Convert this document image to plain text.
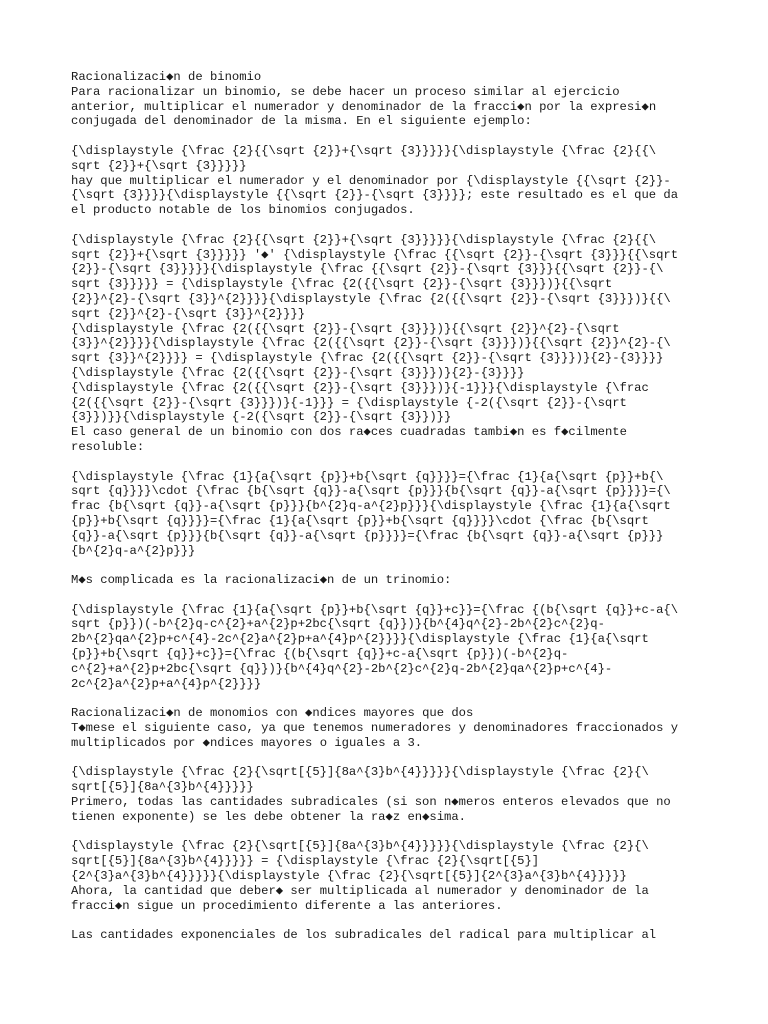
Racionalizaci◆n de binomio

Para racionalizar un binomio, se debe hacer un proceso similar al ejercicio

anterior, multiplicar el numerador y denominador de la fracci◆n por la expresi◆n

conjugada del denominador de la misma. En el siguiente ejemplo:

{\displaystyle {\frac {2}{{\sqrt {2}}+{\sqrt {3}}}}}{\displaystyle {\frac {2}{{\

sqrt {2}}+{\sqrt {3}}}}}

hay que multiplicar el numerador y el denominador por {\displaystyle {{\sqrt {2}}-

{\sqrt {3}}}}{\displaystyle {{\sqrt {2}}-{\sqrt {3}}}}; este resultado es el que da

el producto notable de los binomios conjugados.

{\displaystyle {\frac {2}{{\sqrt {2}}+{\sqrt {3}}}}}{\displaystyle {\frac {2}{{\

sqrt {2}}+{\sqrt {3}}}}} '◆' {\displaystyle {\frac {{\sqrt {2}}-{\sqrt {3}}}{{\sqrt

{2}}-{\sqrt {3}}}}}{\displaystyle {\frac {{\sqrt {2}}-{\sqrt {3}}}{{\sqrt {2}}-{\

sqrt {3}}}}} = {\displaystyle {\frac {2({{\sqrt {2}}-{\sqrt {3}}})}{{\sqrt

{2}}^{2}-{\sqrt {3}}^{2}}}}{\displaystyle {\frac {2({{\sqrt {2}}-{\sqrt {3}}})}{{\

sqrt {2}}^{2}-{\sqrt {3}}^{2}}}}

{\displaystyle {\frac {2({{\sqrt {2}}-{\sqrt {3}}})}{{\sqrt {2}}^{2}-{\sqrt

{3}}^{2}}}}{\displaystyle {\frac {2({{\sqrt {2}}-{\sqrt {3}}})}{{\sqrt {2}}^{2}-{\

sqrt {3}}^{2}}}} = {\displaystyle {\frac {2({{\sqrt {2}}-{\sqrt {3}}})}{2}-{3}}}}

{\displaystyle {\frac {2({{\sqrt {2}}-{\sqrt {3}}})}{2}-{3}}}}

{\displaystyle {\frac {2({{\sqrt {2}}-{\sqrt {3}}})}{-1}}}{\displaystyle {\frac

{2({{\sqrt {2}}-{\sqrt {3}}})}{-1}}} = {\displaystyle {-2({\sqrt {2}}-{\sqrt

{3}})}}{\displaystyle {-2({\sqrt {2}}-{\sqrt {3}})}}

El caso general de un binomio con dos ra◆ces cuadradas tambi◆n es f◆cilmente

resoluble:

{\displaystyle {\frac {1}{a{\sqrt {p}}+b{\sqrt {q}}}}={\frac {1}{a{\sqrt {p}}+b{\

sqrt {q}}}}\cdot {\frac {b{\sqrt {q}}-a{\sqrt {p}}}{b{\sqrt {q}}-a{\sqrt {p}}}}={\

frac {b{\sqrt {q}}-a{\sqrt {p}}}{b^{2}q-a^{2}p}}}{\displaystyle {\frac {1}{a{\sqrt

{p}}+b{\sqrt {q}}}}={\frac {1}{a{\sqrt {p}}+b{\sqrt {q}}}}\cdot {\frac {b{\sqrt

{q}}-a{\sqrt {p}}}{b{\sqrt {q}}-a{\sqrt {p}}}}={\frac {b{\sqrt {q}}-a{\sqrt {p}}}

{b^{2}q-a^{2}p}}}

M◆s complicada es la racionalizaci◆n de un trinomio:

{\displaystyle {\frac {1}{a{\sqrt {p}}+b{\sqrt {q}}+c}}={\frac {(b{\sqrt {q}}+c-a{\

sqrt {p}})(-b^{2}q-c^{2}+a^{2}p+2bc{\sqrt {q}})}{b^{4}q^{2}-2b^{2}c^{2}q-

2b^{2}qa^{2}p+c^{4}-2c^{2}a^{2}p+a^{4}p^{2}}}}{\displaystyle {\frac {1}{a{\sqrt

{p}}+b{\sqrt {q}}+c}}={\frac {(b{\sqrt {q}}+c-a{\sqrt {p}})(-b^{2}q-

c^{2}+a^{2}p+2bc{\sqrt {q}})}{b^{4}q^{2}-2b^{2}c^{2}q-2b^{2}qa^{2}p+c^{4}-

2c^{2}a^{2}p+a^{4}p^{2}}}}

Racionalizaci◆n de monomios con ◆ndices mayores que dos

T◆mese el siguiente caso, ya que tenemos numeradores y denominadores fraccionados y

multiplicados por ◆ndices mayores o iguales a 3.

{\displaystyle {\frac {2}{\sqrt[{5}]{8a^{3}b^{4}}}}}{\displaystyle {\frac {2}{\

sqrt[{5}]{8a^{3}b^{4}}}}}

Primero, todas las cantidades subradicales (si son n◆meros enteros elevados que no

tienen exponente) se les debe obtener la ra◆z en◆sima.

{\displaystyle {\frac {2}{\sqrt[{5}]{8a^{3}b^{4}}}}}{\displaystyle {\frac {2}{\

sqrt[{5}]{8a^{3}b^{4}}}}} = {\displaystyle {\frac {2}{\sqrt[{5}]

{2^{3}a^{3}b^{4}}}}}{\displaystyle {\frac {2}{\sqrt[{5}]{2^{3}a^{3}b^{4}}}}}

Ahora, la cantidad que deber◆ ser multiplicada al numerador y denominador de la

fracci◆n sigue un procedimiento diferente a las anteriores.

Las cantidades exponenciales de los subradicales del radical para multiplicar al
